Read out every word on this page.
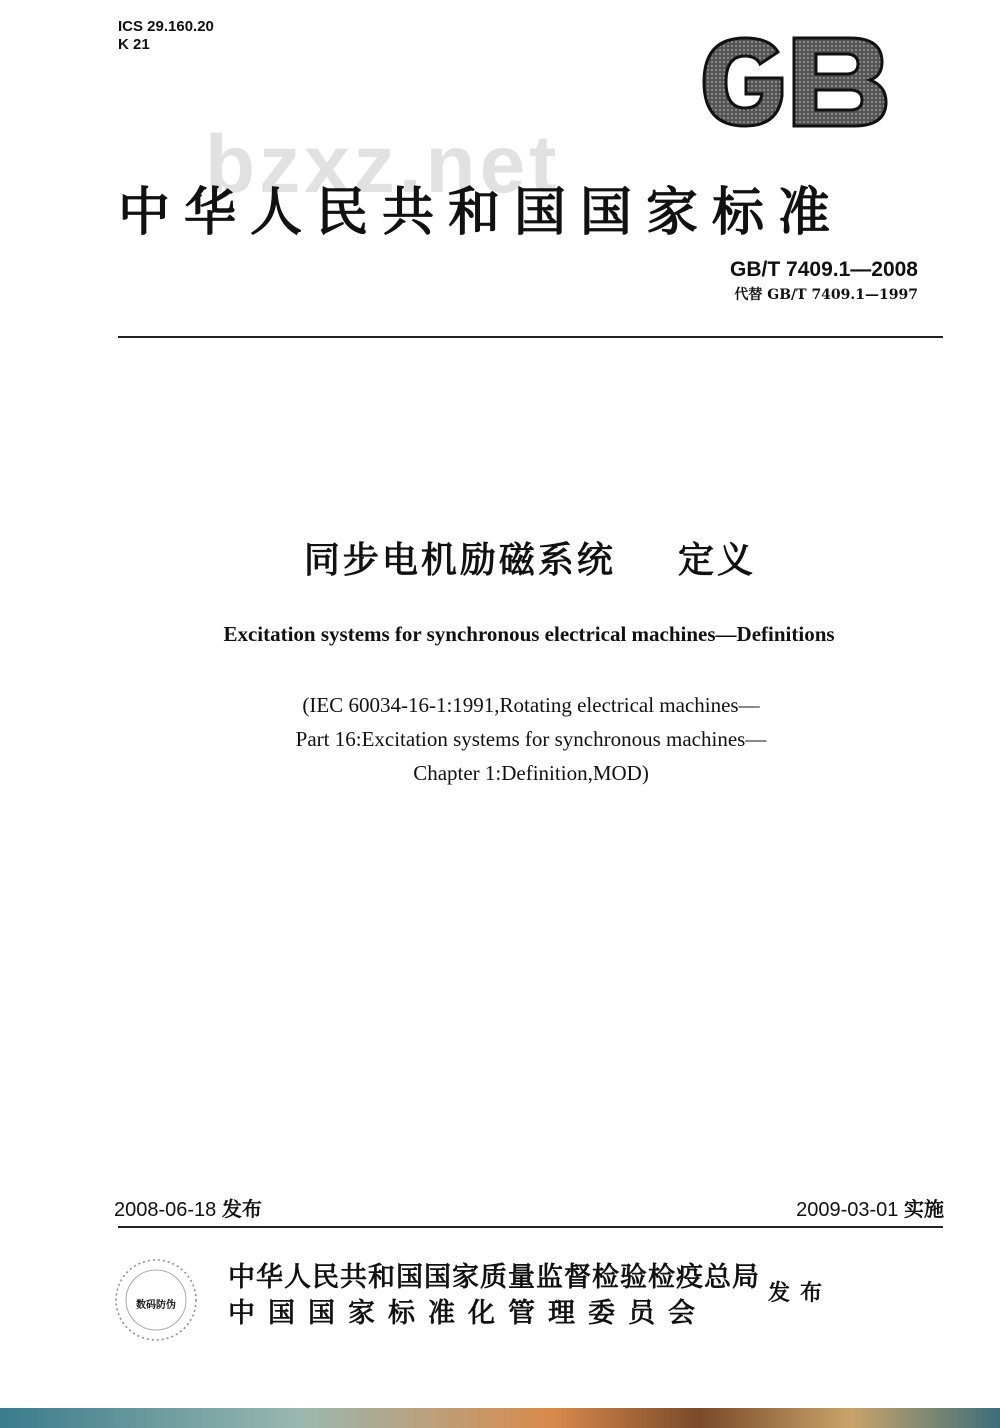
ICS 29.160.20
K 21
GB
bzxz.net
中华人民共和国国家标准
GB/T 7409.1—2008
代替 GB/T 7409.1—1997
同步电机励磁系统    定义
Excitation systems for synchronous electrical machines—Definitions
(IEC 60034-16-1:1991,Rotating electrical machines—
Part 16:Excitation systems for synchronous machines—
Chapter 1:Definition,MOD)
2008-06-18 发布	2009-03-01 实施
数码防伪
中华人民共和国国家质量监督检验检疫总局
中国国家标准化管理委员会
发布
